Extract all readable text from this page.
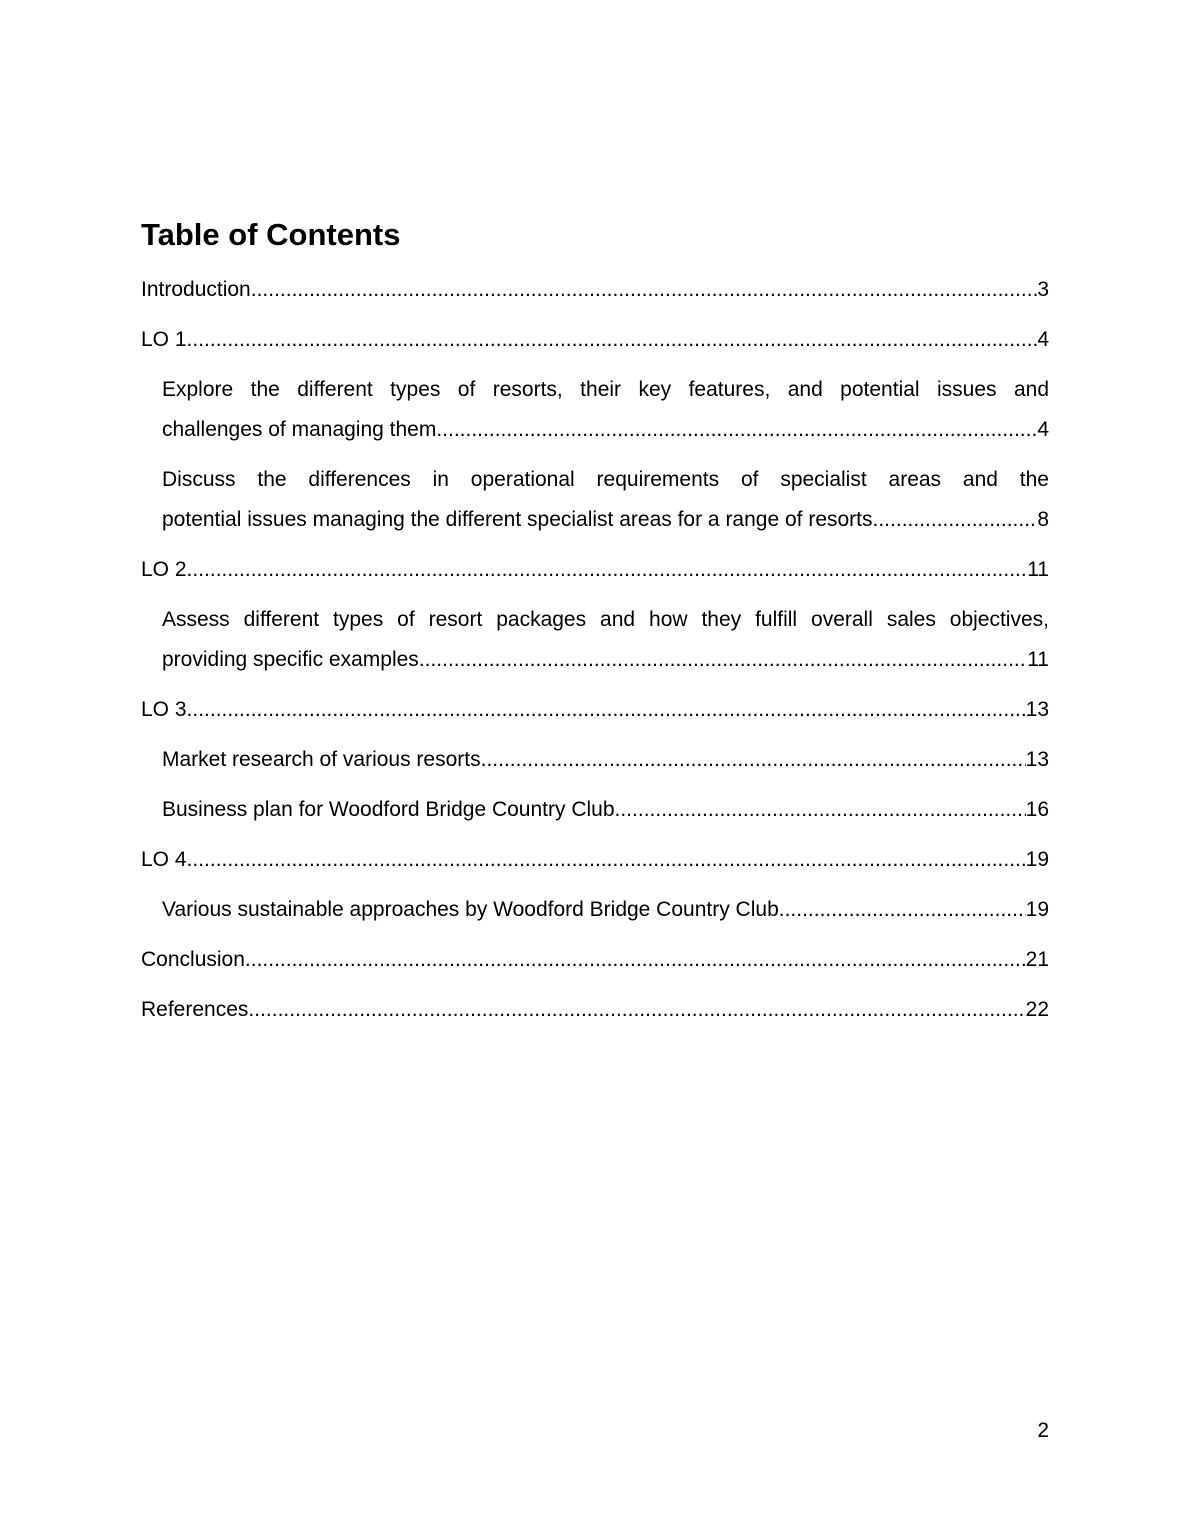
Table of Contents
Introduction .....	3
LO 1 .....	4
Explore the different types of resorts, their key features, and potential issues and
challenges of managing them .....	4
Discuss the differences in operational requirements of specialist areas and the
potential issues managing the different specialist areas for a range of resorts .....	8
LO 2 .....	11
Assess different types of resort packages and how they fulfill overall sales objectives,
providing specific examples .....	11
LO 3 .....	13
Market research of various resorts .....	13
Business plan for Woodford Bridge Country Club .....	16
LO 4 .....	19
Various sustainable approaches by Woodford Bridge Country Club .....	19
Conclusion .....	21
References .....	22
2
